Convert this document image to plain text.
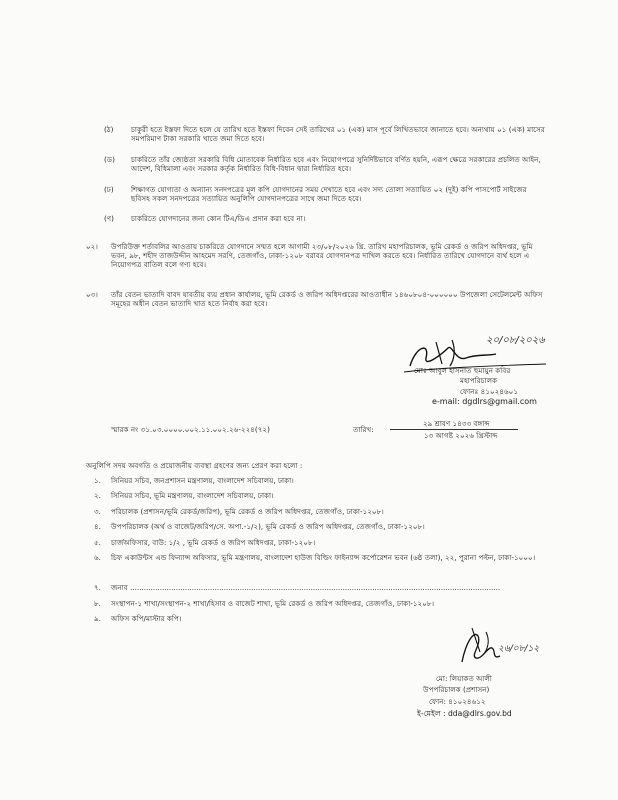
(ঠ) চাকুরী হতে ইস্তফা দিতে হলে যে তারিখ হতে ইস্তফা দিবেন সেই তারিখের ০১ (এক) মাস পূর্বে লিখিতভাবে জানাতে হবে। অন্যথায় ০১ (এক) মাসের সমপরিমাণ টাকা সরকারি খাতে জমা দিতে হবে।
(ড) চাকরিতে তাঁর জ্যেষ্ঠতা সরকারি বিধি মোতাবেক নির্ধারিত হবে এবং নিয়োগপত্রে সুনির্দিষ্টভাবে বর্ণিত হয়নি, এরূপ ক্ষেত্রে সরকারের প্রচলিত আইন, আদেশ, বিধিমালা এবং সরকার কর্তৃক নির্ধারিত বিধি-বিধান দ্বারা নির্ধারিত হবে।
(ঢ) শিক্ষাগত যোগ্যতা ও অন্যান্য সনদপত্রের মূল কপি যোগদানের সময় দেখাতে হবে এবং সদ্য তোলা সত্যায়িত ০২ (দুই) কপি পাসপোর্ট সাইজের ছবিসহ সকল সনদপত্রের সত্যায়িত অনুলিপি যোগদানপত্রের সাথে জমা দিতে হবে।
(ণ) চাকরিতে যোগদানের জন্য কোন টিএ/ডিএ প্রদান করা হবে না।
০২। উপরিউক্ত শর্তাবলির আওতায় চাকরিতে যোগদানে সম্মত হলে আগামী ২৩/০৮/২০২৬ খ্রি. তারিখ মহাপরিচালক, ভূমি রেকর্ড ও জরিপ অধিদপ্তর, ভূমি ভবন, ৯৮, শহীদ তাজউদ্দীন আহমেদ সরণি, তেজগাঁও, ঢাকা-১২০৮ বরাবর যোগদানপত্র দাখিল করতে হবে। নির্ধারিত তারিখে যোগদানে ব্যর্থ হলে এ নিয়োগপত্র বাতিল বলে গণ্য হবে।
০৩। তাঁর বেতন ভাতাদি বাবদ যাবতীয় ব্যয় প্রধান কার্যালয়, ভূমি রেকর্ড ও জরিপ অধিদপ্তরের আওতাধীন ১৪৬০৮০৪-০০০০০০ উপজেলা সেটেলমেন্ট অফিস সমূহের অধীন বেতন ভাতাদি খাত হতে নির্বাহ করা হবে।
২০/০৮/২০২৬
মোঃ আবুল হাসনাত হুমায়ুন কবির
মহাপরিচালক
ফোনঃ ৪১০২৪৬০১
e-mail: dgdlrs@gmail.com
স্মারক নং ৩১.০৩.০০০০.০০২.১১.০০২.২৬-২২৪(৭২)	তারিখ:
২৯ শ্রাবণ ১৪৩৩ বঙ্গাব্দ
১৩ আগষ্ট ২০২৬ খ্রিস্টাব্দ
অনুলিপি সদয় অবগতি ও প্রয়োজনীয় ব্যবস্থা গ্রহণের জন্য প্রেরণ করা হলো :
১. সিনিয়র সচিব, জনপ্রশাসন মন্ত্রণালয়, বাংলাদেশ সচিবালয়, ঢাকা।
২. সিনিয়র সচিব, ভূমি মন্ত্রণালয়, বাংলাদেশ সচিবালয়, ঢাকা।
৩. পরিচালক (প্রশাসন/ভূমি রেকর্ড/জরিপ), ভূমি রেকর্ড ও জরিপ অধিদপ্তর, তেজগাঁও, ঢাকা-১২০৮।
৪. উপপরিচালক (অর্থ ও বাজেট/জরিপ/সে. অপা.-১/২), ভূমি রেকর্ড ও জরিপ অধিদপ্তর, তেজগাঁও, ঢাকা-১২০৮।
৫. চার্জঅফিসার, বাউ: ১/২ , ভূমি রেকর্ড ও জরিপ অধিদপ্তর, ঢাকা-১২০৮।
৬. চিফ একাউন্টস এন্ড ফিন্যান্স অফিসার, ভূমি মন্ত্রণালয়, বাংলাদেশ হাউজ বিল্ডিং ফাইন্যান্স কর্পোরেশন ভবন (৬ষ্ঠ তলা), ২২, পুরানা পল্টন, ঢাকা-১০০০।
৭. জনাব ..................................................................................................................................................................
৮. সংস্থাপন-১ শাখা/সংস্থাপন-২ শাখা/হিসাব ও বাজেট শাখা, ভূমি রেকর্ড ও জরিপ অধিদপ্তর, তেজগাঁও, ঢাকা-১২০৮।
৯. অফিস কপি/মাস্টার কপি।
২৬/০৮/১২
মো: লিয়াকত আলী
উপপরিচালক (প্রশাসন)
ফোন: ৪১০২৪৬১২
ই-মেইল : dda@dlrs.gov.bd
